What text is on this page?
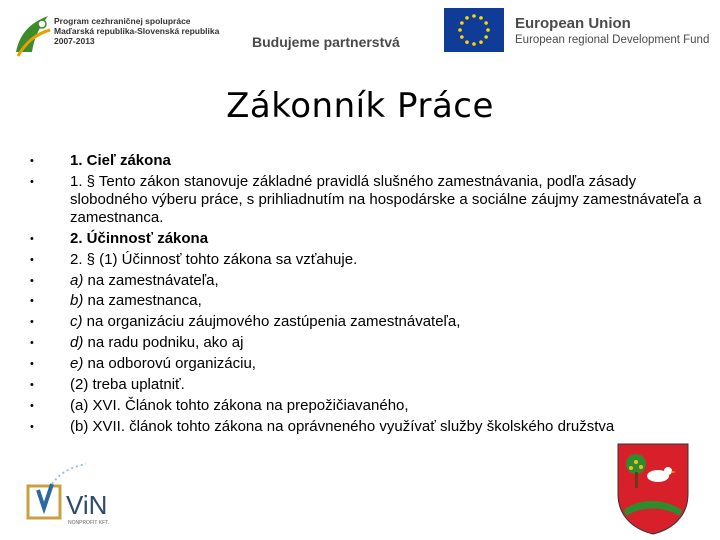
Program cezhraničnej spolupráce
Maďarská republika-Slovenská republika
2007-2013	Budujeme partnerstvá
European Union
European regional Development Fund
Zákonník Práce
•	1. Cieľ zákona
•	1. § Tento zákon stanovuje základné pravidlá slušného zamestnávania, podľa zásady slobodného výberu práce, s prihliadnutím na hospodárske a sociálne záujmy zamestnávateľa a zamestnanca.
•	2. Účinnosť zákona
•	2. § (1) Účinnosť tohto zákona sa vzťahuje.
•	a) na zamestnávateľa,
•	b) na zamestnanca,
•	c) na organizáciu záujmového zastúpenia zamestnávateľa,
•	d) na radu podniku, ako aj
•	e) na odborovú organizáciu,
•	(2) treba uplatniť.
•	(a) XVI. Článok tohto zákona na prepožičiavaného,
•	(b) XVII. článok tohto zákona na oprávneného využívať služby školského družstva
ViN
NONPROFIT KFT.
